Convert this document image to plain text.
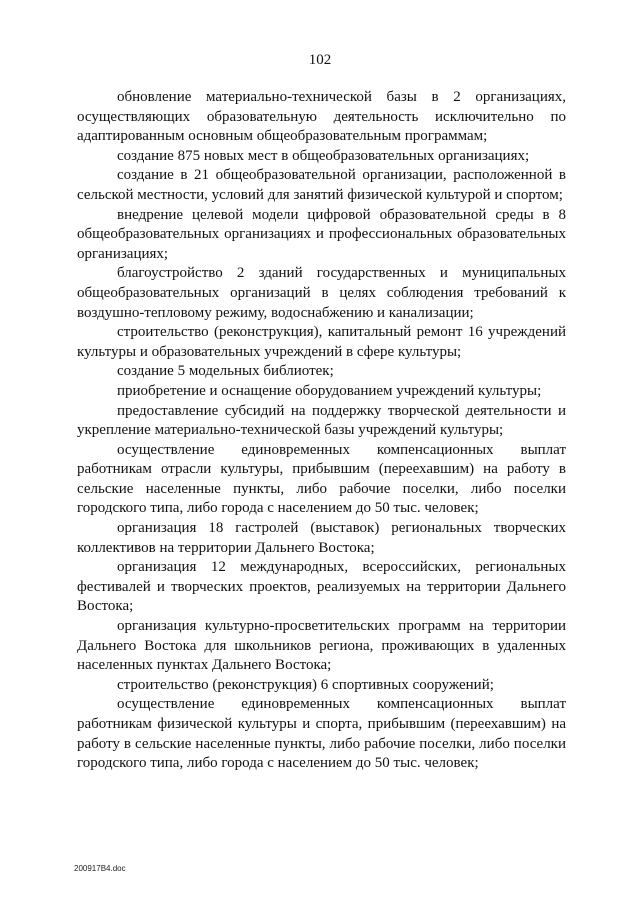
102

обновление материально-технической базы в 2 организациях, осуществляющих образовательную деятельность исключительно по адаптированным основным общеобразовательным программам;

создание 875 новых мест в общеобразовательных организациях;

создание в 21 общеобразовательной организации, расположенной в сельской местности, условий для занятий физической культурой и спортом;

внедрение целевой модели цифровой образовательной среды в 8 общеобразовательных организациях и профессиональных образовательных организациях;

благоустройство 2 зданий государственных и муниципальных общеобразовательных организаций в целях соблюдения требований к воздушно-тепловому режиму, водоснабжению и канализации;

строительство (реконструкция), капитальный ремонт 16 учреждений культуры и образовательных учреждений в сфере культуры;

создание 5 модельных библиотек;

приобретение и оснащение оборудованием учреждений культуры;

предоставление субсидий на поддержку творческой деятельности и укрепление материально-технической базы учреждений культуры;

осуществление единовременных компенсационных выплат работникам отрасли культуры, прибывшим (переехавшим) на работу в сельские населенные пункты, либо рабочие поселки, либо поселки городского типа, либо города с населением до 50 тыс. человек;

организация 18 гастролей (выставок) региональных творческих коллективов на территории Дальнего Востока;

организация 12 международных, всероссийских, региональных фестивалей и творческих проектов, реализуемых на территории Дальнего Востока;

организация культурно-просветительских программ на территории Дальнего Востока для школьников региона, проживающих в удаленных населенных пунктах Дальнего Востока;

строительство (реконструкция) 6 спортивных сооружений;

осуществление единовременных компенсационных выплат работникам физической культуры и спорта, прибывшим (переехавшим) на работу в сельские населенные пункты, либо рабочие поселки, либо поселки городского типа, либо города с населением до 50 тыс. человек;

200917В4.doc
